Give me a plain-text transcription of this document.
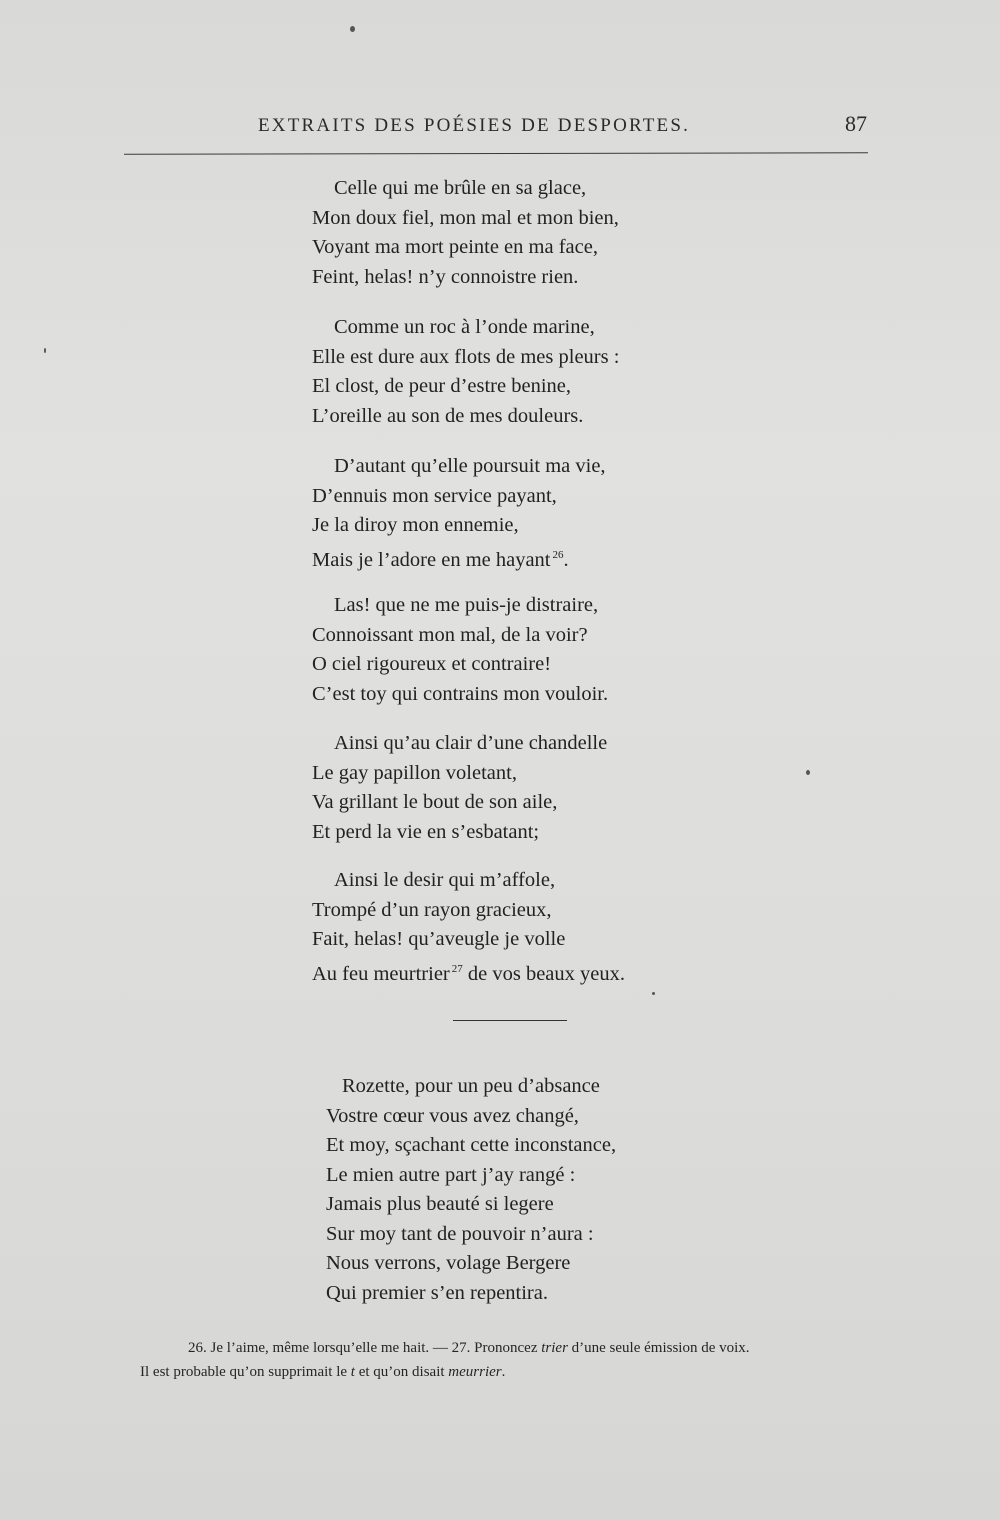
EXTRAITS DES POÉSIES DE DESPORTES.	87
Celle qui me brûle en sa glace,
Mon doux fiel, mon mal et mon bien,
Voyant ma mort peinte en ma face,
Feint, helas! n’y connoistre rien.
Comme un roc à l’onde marine,
Elle est dure aux flots de mes pleurs :
El clost, de peur d’estre benine,
L’oreille au son de mes douleurs.
D’autant qu’elle poursuit ma vie,
D’ennuis mon service payant,
Je la diroy mon ennemie,
Mais je l’adore en me hayant $^{26}$.
Las! que ne me puis-je distraire,
Connoissant mon mal, de la voir?
O ciel rigoureux et contraire!
C’est toy qui contrains mon vouloir.
Ainsi qu’au clair d’une chandelle
Le gay papillon voletant,
Va grillant le bout de son aile,
Et perd la vie en s’esbatant;
Ainsi le desir qui m’affole,
Trompé d’un rayon gracieux,
Fait, helas! qu’aveugle je volle
Au feu meurtrier $^{27}$ de vos beaux yeux.
Rozette, pour un peu d’absance
Vostre cœur vous avez changé,
Et moy, sçachant cette inconstance,
Le mien autre part j’ay rangé :
Jamais plus beauté si legere
Sur moy tant de pouvoir n’aura :
Nous verrons, volage Bergere
Qui premier s’en repentira.
26. Je l’aime, même lorsqu’elle me hait. — 27. Prononcez trier d’une seule émission de voix.
Il est probable qu’on supprimait le t et qu’on disait meurrier.
